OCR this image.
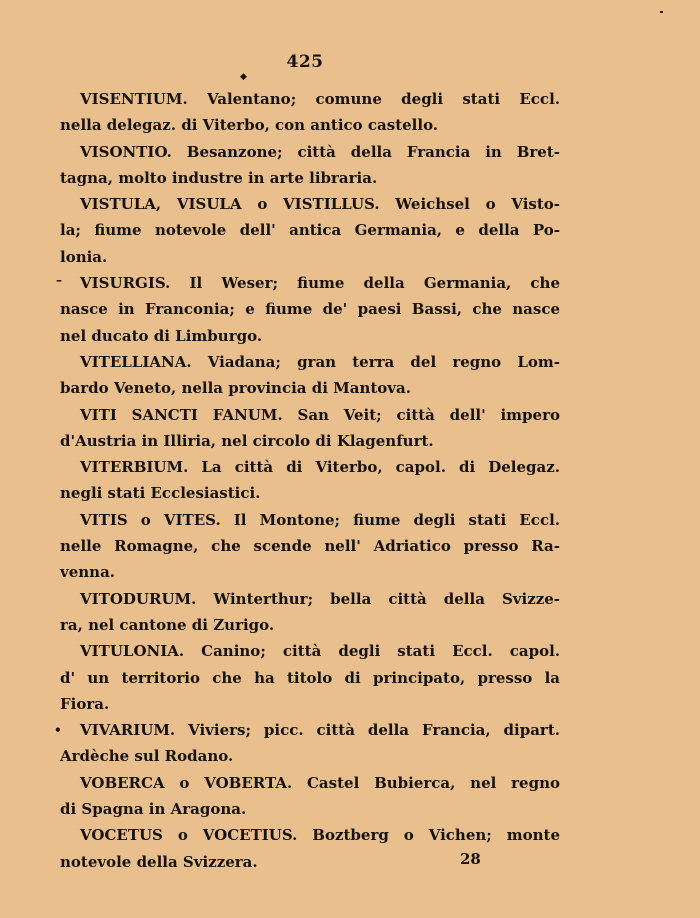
425
◆
VISENTIUM. Valentano; comune degli stati Eccl.
nella delegaz. di Viterbo, con antico castello.
VISONTIO. Besanzone; città della Francia in Bret-
tagna, molto industre in arte libraria.
VISTULA, VISULA o VISTILLUS. Weichsel o Visto-
la; fiume notevole dell' antica Germania, e della Po-
lonia.
VISURGIS. Il Weser; fiume della Germania, che
nasce in Franconia; e fiume de' paesi Bassi, che nasce
nel ducato di Limburgo.
VITELLIANA. Viadana; gran terra del regno Lom-
bardo Veneto, nella provincia di Mantova.
VITI SANCTI FANUM. San Veit; città dell' impero
d'Austria in Illiria, nel circolo di Klagenfurt.
VITERBIUM. La città di Viterbo, capol. di Delegaz.
negli stati Ecclesiastici.
VITIS o VITES. Il Montone; fiume degli stati Eccl.
nelle Romagne, che scende nell' Adriatico presso Ra-
venna.
VITODURUM. Winterthur; bella città della Svizze-
ra, nel cantone di Zurigo.
VITULONIA. Canino; città degli stati Eccl. capol.
d' un territorio che ha titolo di principato, presso la
Fiora.
VIVARIUM. Viviers; picc. città della Francia, dipart.
Ardèche sul Rodano.
VOBERCA o VOBERTA. Castel Bubierca, nel regno
di Spagna in Aragona.
VOCETUS o VOCETIUS. Boztberg o Vichen; monte
notevole della Svizzera.
–
•
28
